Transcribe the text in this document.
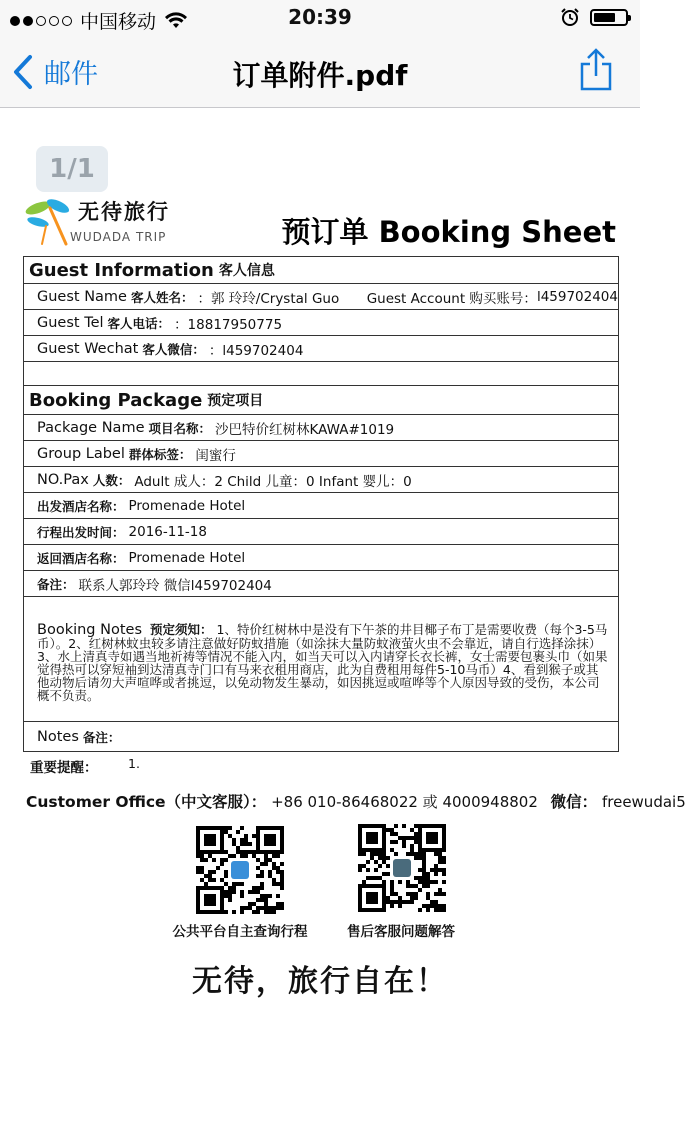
中国移动	20:39
邮件	订单附件.pdf
1/1
无待旅行
WUDADA TRIP	预订单 Booking Sheet
Guest Information 客人信息
Guest Name 客人姓名： ：郭 玲玲/Crystal Guo Guest Account 购买账号： l459702404
Guest Tel 客人电话： ：18817950775
Guest Wechat 客人微信： ：l459702404
Booking Package 预定项目
Package Name 项目名称： 沙巴特价红树林KAWA#1019
Group Label 群体标签： 闺蜜行
NO.Pax 人数： Adult 成人：2 Child 儿童：0 Infant 婴儿：0
出发酒店名称： Promenade Hotel
行程出发时间： 2016-11-18
返回酒店名称： Promenade Hotel
备注： 联系人郭玲玲 微信l459702404
Booking Notes 预定须知： 1、特价红树林中是没有下午茶的井目椰子布丁是需要收费（每个3-5马币）。2、红树林蚊虫较多请注意做好防蚊措施（如涂抹大量防蚊液萤火虫不会靠近，请自行选择涂抹）3、水上清真寺如遇当地祈祷等情况不能入内，如当天可以入内请穿长衣长裤，女士需要包裹头巾（如果觉得热可以穿短袖到达清真寺门口有马来衣租用商店，此为自费租用每件5-10马币）4、看到猴子或其他动物后请勿大声喧哗或者挑逗，以免动物发生暴动，如因挑逗或喧哗等个人原因导致的受伤，本公司概不负责。
Notes 备注：
重要提醒： 1.
Customer Office（中文客服）： +86 010-86468022 或 4000948802 微信： freewudai5
公共平台自主查询行程	售后客服问题解答
无待，旅行自在！
